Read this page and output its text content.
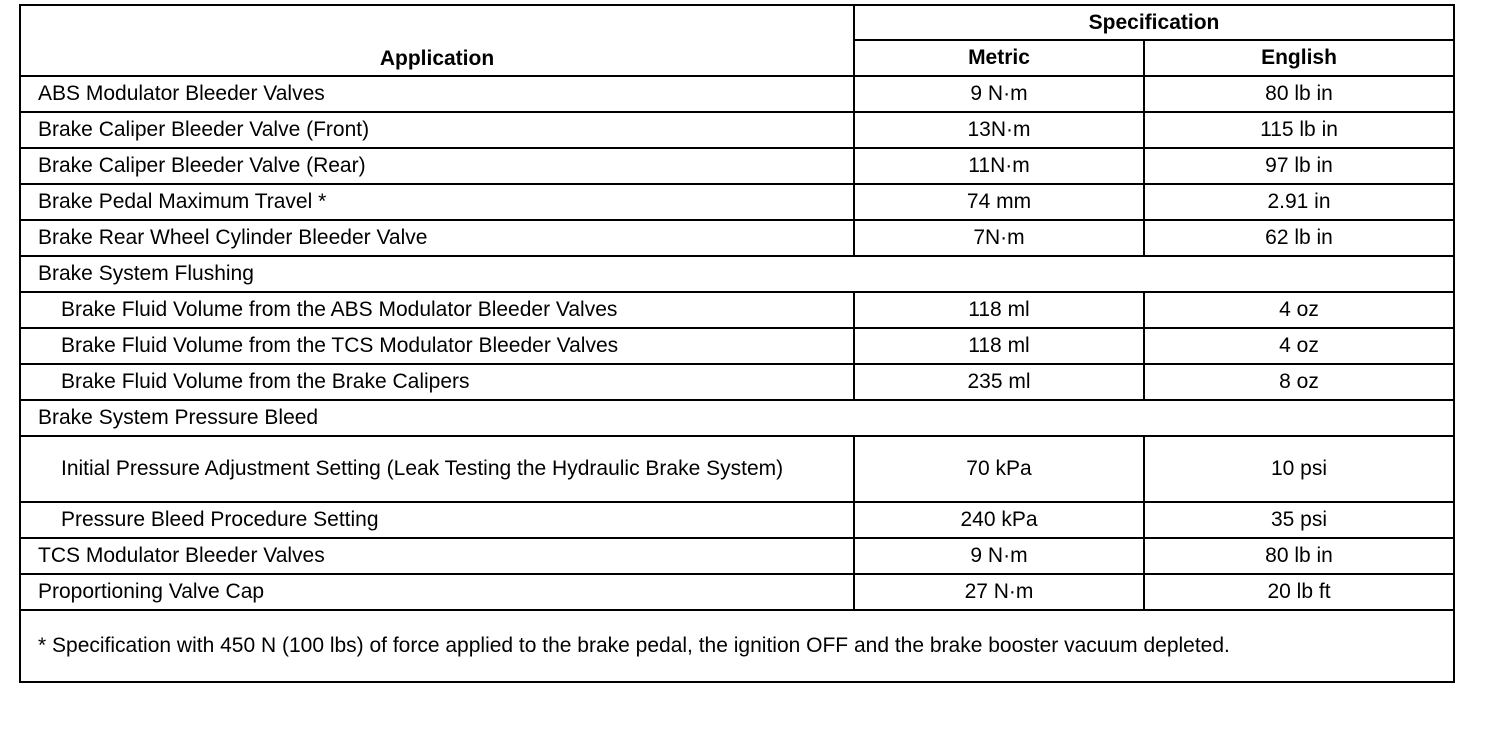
Application	Specification	
	Metric	English
ABS Modulator Bleeder Valves	9 N·m	80 lb in
Brake Caliper Bleeder Valve (Front)	13N·m	115 lb in
Brake Caliper Bleeder Valve (Rear)	11N·m	97 lb in
Brake Pedal Maximum Travel *	74 mm	2.91 in
Brake Rear Wheel Cylinder Bleeder Valve	7N·m	62 lb in
Brake System Flushing		
Brake Fluid Volume from the ABS Modulator Bleeder Valves	118 ml	4 oz
Brake Fluid Volume from the TCS Modulator Bleeder Valves	118 ml	4 oz
Brake Fluid Volume from the Brake Calipers	235 ml	8 oz
Brake System Pressure Bleed		
Initial Pressure Adjustment Setting (Leak Testing the Hydraulic Brake System)	70 kPa	10 psi
Pressure Bleed Procedure Setting	240 kPa	35 psi
TCS Modulator Bleeder Valves	9 N·m	80 lb in
Proportioning Valve Cap	27 N·m	20 lb ft
* Specification with 450 N (100 lbs) of force applied to the brake pedal, the ignition OFF and the brake booster vacuum depleted.		
